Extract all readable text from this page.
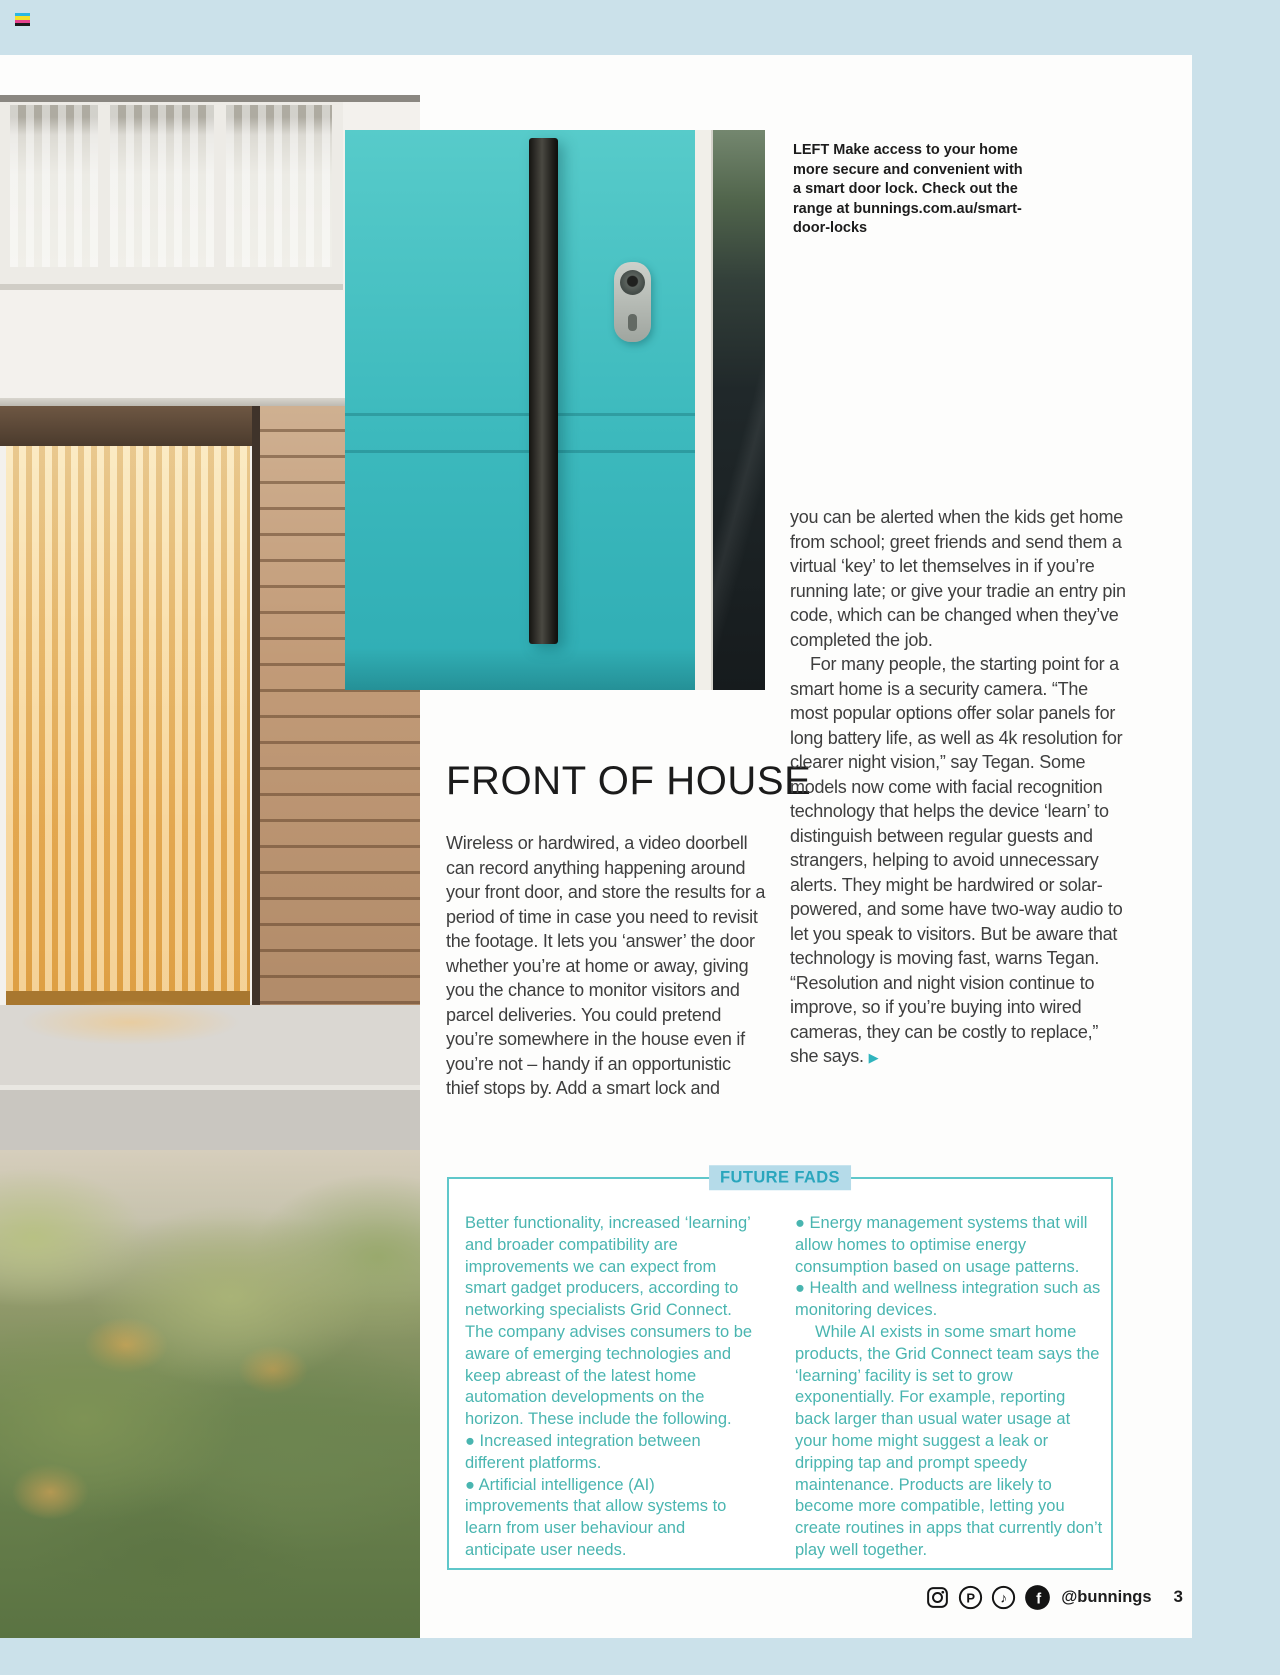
LEFT Make access to your home more secure and convenient with a smart door lock. Check out the range at bunnings.com.au/smart-door-locks

FRONT OF HOUSE

Wireless or hardwired, a video doorbell can record anything happening around your front door, and store the results for a period of time in case you need to revisit the footage. It lets you ‘answer’ the door whether you’re at home or away, giving you the chance to monitor visitors and parcel deliveries. You could pretend you’re somewhere in the house even if you’re not – handy if an opportunistic thief stops by. Add a smart lock and

you can be alerted when the kids get home from school; greet friends and send them a virtual ‘key’ to let themselves in if you’re running late; or give your tradie an entry pin code, which can be changed when they’ve completed the job.

For many people, the starting point for a smart home is a security camera. “The most popular options offer solar panels for long battery life, as well as 4k resolution for clearer night vision,” say Tegan. Some models now come with facial recognition technology that helps the device ‘learn’ to distinguish between regular guests and strangers, helping to avoid unnecessary alerts. They might be hardwired or solar-powered, and some have two-way audio to let you speak to visitors. But be aware that technology is moving fast, warns Tegan. “Resolution and night vision continue to improve, so if you’re buying into wired cameras, they can be costly to replace,” she says. ▶

FUTURE FADS

Better functionality, increased ‘learning’ and broader compatibility are improvements we can expect from smart gadget producers, according to networking specialists Grid Connect. The company advises consumers to be aware of emerging technologies and keep abreast of the latest home automation developments on the horizon. These include the following.

● Increased integration between different platforms.

● Artificial intelligence (AI) improvements that allow systems to learn from user behaviour and anticipate user needs.

● Energy management systems that will allow homes to optimise energy consumption based on usage patterns.

● Health and wellness integration such as monitoring devices.

While AI exists in some smart home products, the Grid Connect team says the ‘learning’ facility is set to grow exponentially. For example, reporting back larger than usual water usage at your home might suggest a leak or dripping tap and prompt speedy maintenance. Products are likely to become more compatible, letting you create routines in apps that currently don’t play well together.

P ♪ f @bunnings 3
